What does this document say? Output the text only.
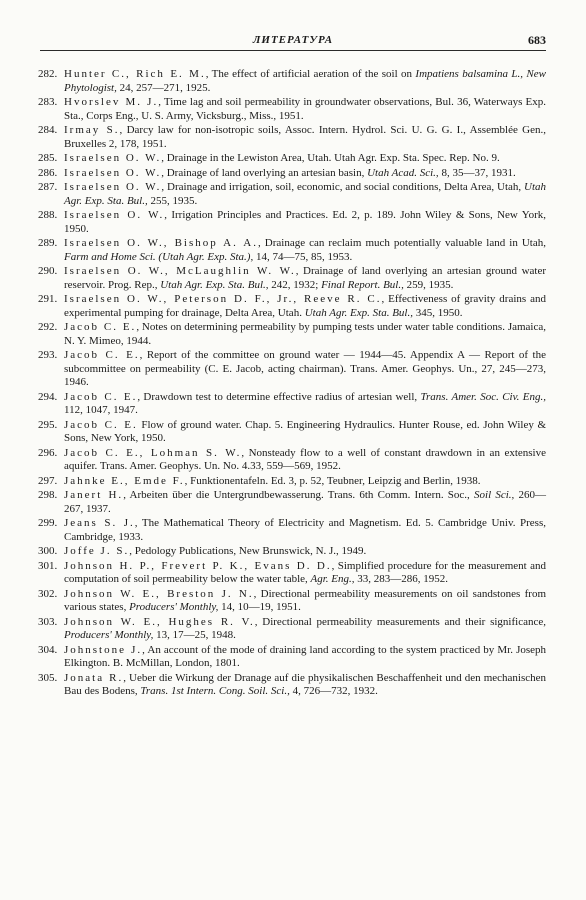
ЛИТЕРАТУРА	683
282. Hunter C., Rich E. M., The effect of artificial aeration of the soil on Impatiens balsamina L., New Phytologist, 24, 257—271, 1925.
283. Hvorslev M. J., Time lag and soil permeability in groundwater observations, Bul. 36, Waterways Exp. Sta., Corps Eng., U. S. Army, Vicksburg., Miss., 1951.
284. Irmay S., Darcy law for non-isotropic soils, Assoc. Intern. Hydrol. Sci. U. G. G. I., Assemblée Gen., Bruxelles 2, 178, 1951.
285. Israelsen O. W., Drainage in the Lewiston Area, Utah. Utah Agr. Exp. Sta. Spec. Rep. No. 9.
286. Israelsen O. W., Drainage of land overlying an artesian basin, Utah Acad. Sci., 8, 35—37, 1931.
287. Israelsen O. W., Drainage and irrigation, soil, economic, and social conditions, Delta Area, Utah, Utah Agr. Exp. Sta. Bul., 255, 1935.
288. Israelsen O. W., Irrigation Principles and Practices. Ed. 2, p. 189. John Wiley & Sons, New York, 1950.
289. Israelsen O. W., Bishop A. A., Drainage can reclaim much potentially valuable land in Utah, Farm and Home Sci. (Utah Agr. Exp. Sta.), 14, 74—75, 85, 1953.
290. Israelsen O. W., McLaughlin W. W., Drainage of land overlying an artesian ground water reservoir. Prog. Rep., Utah Agr. Exp. Sta. Bul., 242, 1932; Final Report. Bul., 259, 1935.
291. Israelsen O. W., Peterson D. F., Jr., Reeve R. C., Effectiveness of gravity drains and experimental pumping for drainage, Delta Area, Utah. Utah Agr. Exp. Sta. Bul., 345, 1950.
292. Jacob C. E., Notes on determining permeability by pumping tests under water table conditions. Jamaica, N. Y. Mimeo, 1944.
293. Jacob C. E., Report of the committee on ground water — 1944—45. Appendix A — Report of the subcommittee on permeability (C. E. Jacob, acting chairman). Trans. Amer. Geophys. Un., 27, 245—273, 1946.
294. Jacob C. E., Drawdown test to determine effective radius of artesian well, Trans. Amer. Soc. Civ. Eng., 112, 1047, 1947.
295. Jacob C. E. Flow of ground water. Chap. 5. Engineering Hydraulics. Hunter Rouse, ed. John Wiley & Sons, New York, 1950.
296. Jacob C. E., Lohman S. W., Nonsteady flow to a well of constant drawdown in an extensive aquifer. Trans. Amer. Geophys. Un. No. 4.33, 559—569, 1952.
297. Jahnke E., Emde F., Funktionentafeln. Ed. 3, p. 52, Teubner, Leipzig and Berlin, 1938.
298. Janert H., Arbeiten über die Untergrundbewasserung. Trans. 6th Comm. Intern. Soc., Soil Sci., 260—267, 1937.
299. Jeans S. J., The Mathematical Theory of Electricity and Magnetism. Ed. 5. Cambridge Univ. Press, Cambridge, 1933.
300. Joffe J. S., Pedology Publications, New Brunswick, N. J., 1949.
301. Johnson H. P., Frevert P. K., Evans D. D., Simplified procedure for the measurement and computation of soil permeability below the water table, Agr. Eng., 33, 283—286, 1952.
302. Johnson W. E., Breston J. N., Directional permeability measurements on oil sandstones from various states, Producers' Monthly, 14, 10—19, 1951.
303. Johnson W. E., Hughes R. V., Directional permeability measurements and their significance, Producers' Monthly, 13, 17—25, 1948.
304. Johnstone J., An account of the mode of draining land according to the system practiced by Mr. Joseph Elkington. B. McMillan, London, 1801.
305. Jonata R., Ueber die Wirkung der Dranage auf die physikalischen Beschaffenheit und den mechanischen Bau des Bodens, Trans. 1st Intern. Cong. Soil. Sci., 4, 726—732, 1932.
